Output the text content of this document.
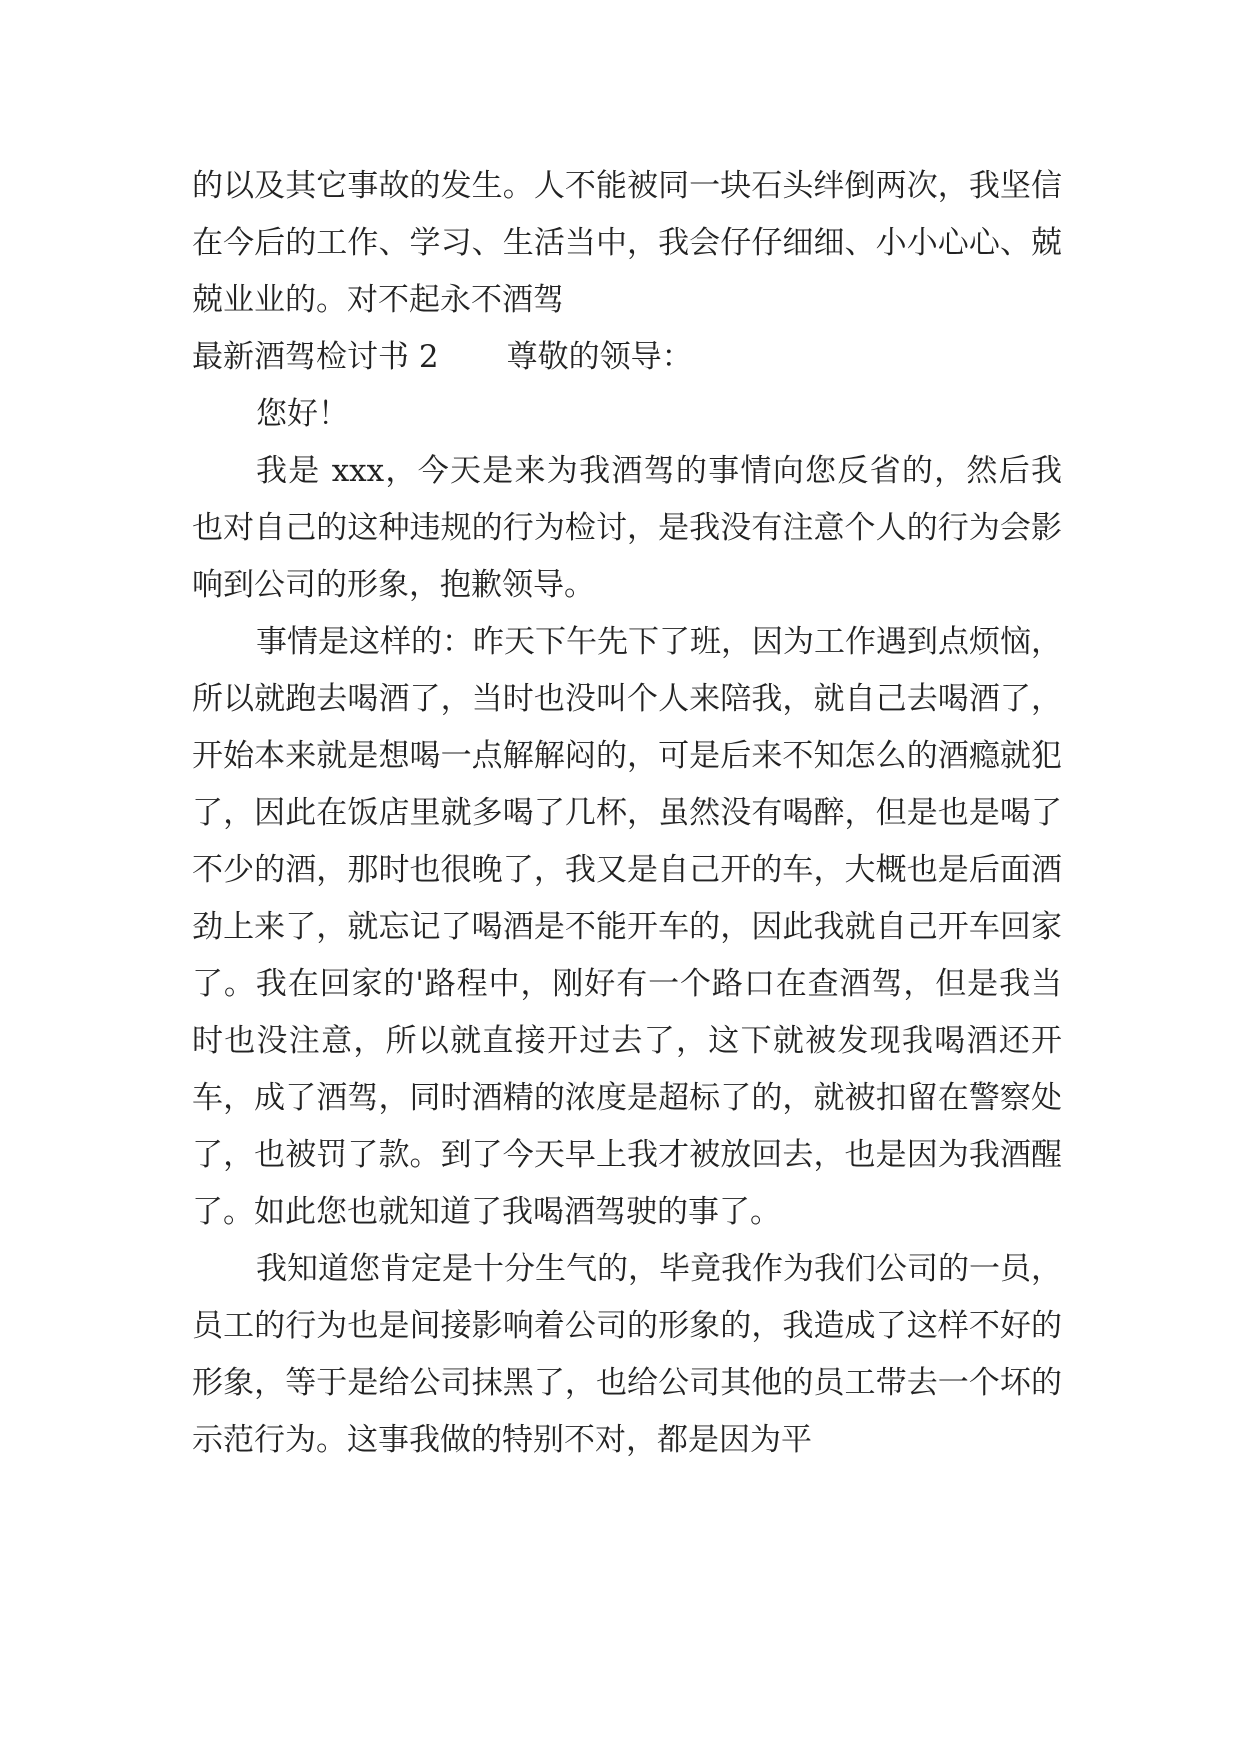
的以及其它事故的发生。人不能被同一块石头绊倒两次，我坚信在今后的工作、学习、生活当中，我会仔仔细细、小小心心、兢兢业业的。对不起永不酒驾

最新酒驾检讨书 2 尊敬的领导：

您好！

我是 xxx，今天是来为我酒驾的事情向您反省的，然后我也对自己的这种违规的行为检讨，是我没有注意个人的行为会影响到公司的形象，抱歉领导。

事情是这样的：昨天下午先下了班，因为工作遇到点烦恼，所以就跑去喝酒了，当时也没叫个人来陪我，就自己去喝酒了，开始本来就是想喝一点解解闷的，可是后来不知怎么的酒瘾就犯了，因此在饭店里就多喝了几杯，虽然没有喝醉，但是也是喝了不少的酒，那时也很晚了，我又是自己开的车，大概也是后面酒劲上来了，就忘记了喝酒是不能开车的，因此我就自己开车回家了。我在回家的'路程中，刚好有一个路口在查酒驾，但是我当时也没注意，所以就直接开过去了，这下就被发现我喝酒还开车，成了酒驾，同时酒精的浓度是超标了的，就被扣留在警察处了，也被罚了款。到了今天早上我才被放回去，也是因为我酒醒了。如此您也就知道了我喝酒驾驶的事了。

我知道您肯定是十分生气的，毕竟我作为我们公司的一员，员工的行为也是间接影响着公司的形象的，我造成了这样不好的形象，等于是给公司抹黑了，也给公司其他的员工带去一个坏的示范行为。这事我做的特别不对，都是因为平
